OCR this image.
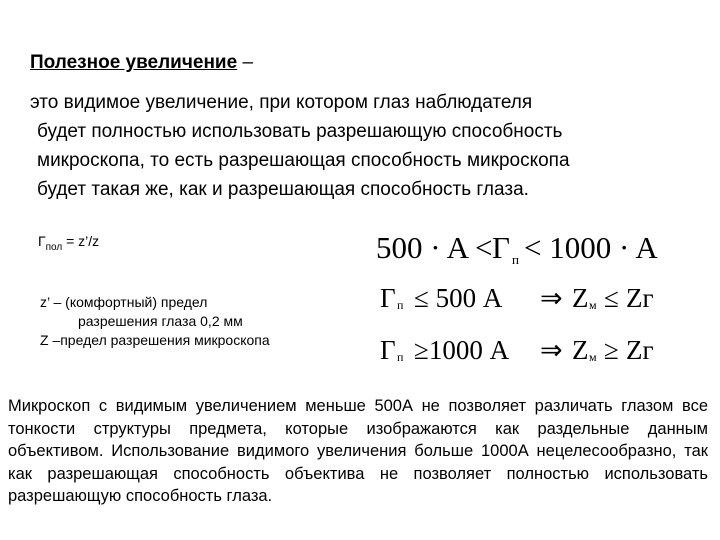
Полезное увеличение –
это видимое увеличение, при котором глаз наблюдателя
будет полностью использовать разрешающую способность
микроскопа, то есть разрешающая способность микроскопа
будет такая же, как и разрешающая способность глаза.
$Г_{пол}$ = z’/z
z’ – (комфортный) предел
разрешения глаза 0,2 мм
Z –предел разрешения микроскопа
500 · A < Г п < 1000 · A
Г п ≤ 500 А ⇒ Z м ≤ Zг
Г п ≥1000 А ⇒ Z м ≥ Zг
Микроскоп с видимым увеличением меньше 500А не позволяет различать глазом все тонкости структуры предмета, которые изображаются как раздельные данным объективом. Использование видимого увеличения больше 1000А нецелесообразно, так как разрешающая способность объектива не позволяет полностью использовать разрешающую способность глаза.
